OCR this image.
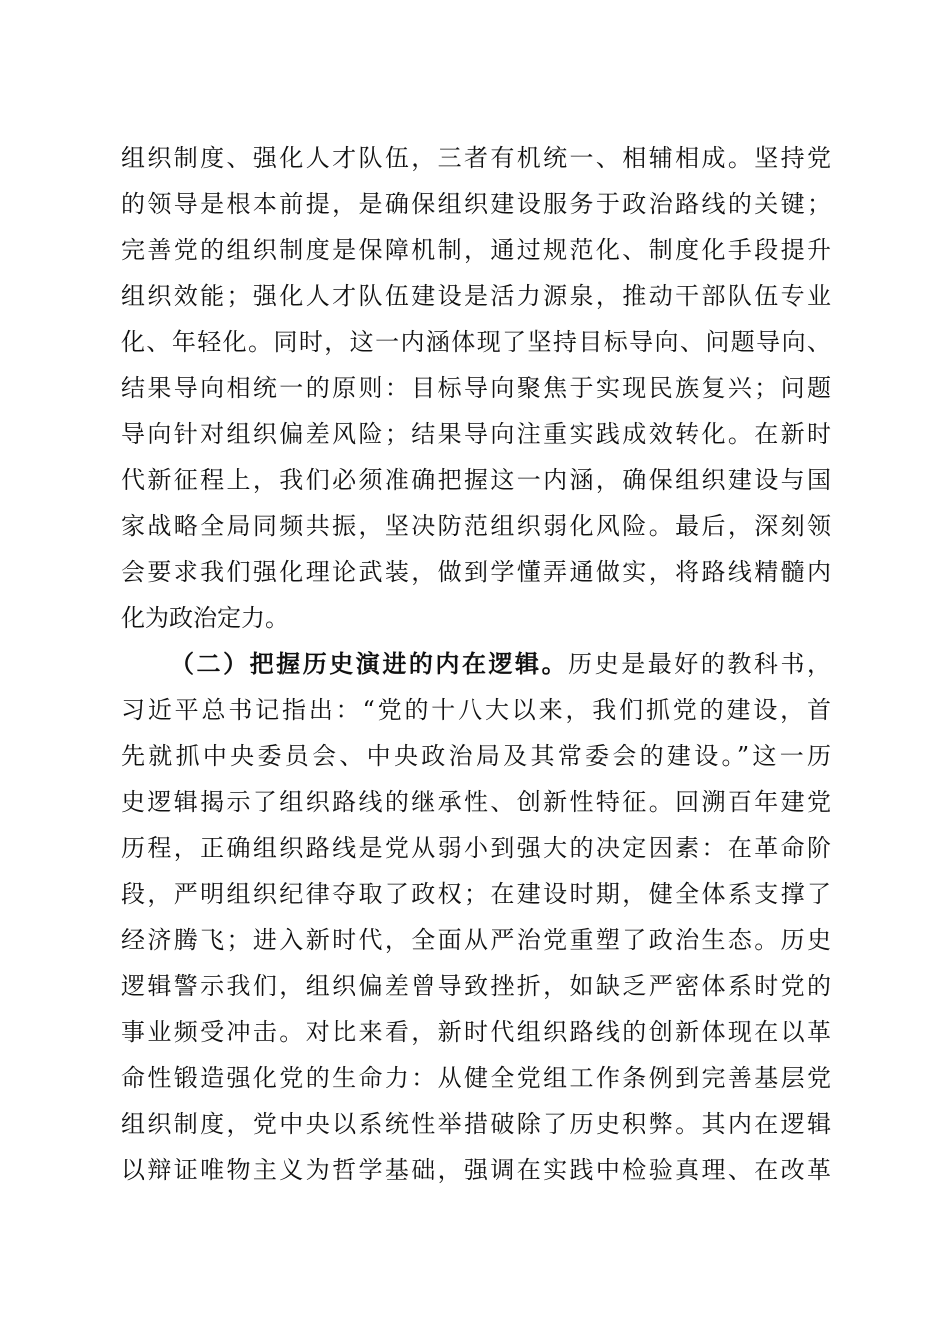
组织制度、强化人才队伍，三者有机统一、相辅相成。坚持党
的领导是根本前提，是确保组织建设服务于政治路线的关键；
完善党的组织制度是保障机制，通过规范化、制度化手段提升
组织效能；强化人才队伍建设是活力源泉，推动干部队伍专业
化、年轻化。同时，这一内涵体现了坚持目标导向、问题导向、
结果导向相统一的原则：目标导向聚焦于实现民族复兴；问题
导向针对组织偏差风险；结果导向注重实践成效转化。在新时
代新征程上，我们必须准确把握这一内涵，确保组织建设与国
家战略全局同频共振，坚决防范组织弱化风险。最后，深刻领
会要求我们强化理论武装，做到学懂弄通做实，将路线精髓内
化为政治定力。
（二）把握历史演进的内在逻辑。历史是最好的教科书，
习近平总书记指出：“党的十八大以来，我们抓党的建设，首
先就抓中央委员会、中央政治局及其常委会的建设。”这一历
史逻辑揭示了组织路线的继承性、创新性特征。回溯百年建党
历程，正确组织路线是党从弱小到强大的决定因素：在革命阶
段，严明组织纪律夺取了政权；在建设时期，健全体系支撑了
经济腾飞；进入新时代，全面从严治党重塑了政治生态。历史
逻辑警示我们，组织偏差曾导致挫折，如缺乏严密体系时党的
事业频受冲击。对比来看，新时代组织路线的创新体现在以革
命性锻造强化党的生命力：从健全党组工作条例到完善基层党
组织制度，党中央以系统性举措破除了历史积弊。其内在逻辑
以辩证唯物主义为哲学基础，强调在实践中检验真理、在改革
